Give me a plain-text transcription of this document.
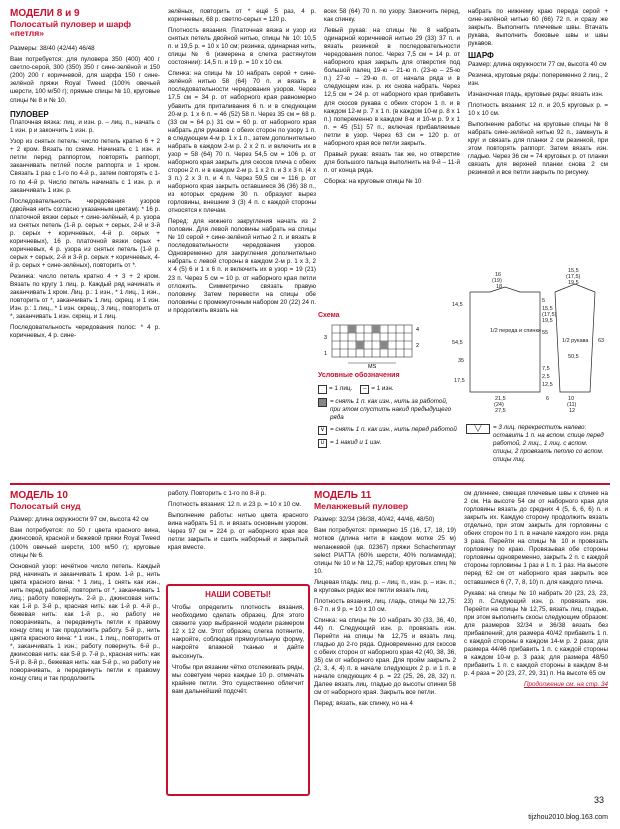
МОДЕЛИ 8 и 9
Полосатый пуловер и шарф «петля»

Размеры: 38/40 (42/44) 46/48

Вам потребуется: для пуловера 350 (400) 400 г светло-серой, 300 (350) 350 г сине-зелёной и 150 (200) 200 г коричневой, для шарфа 150 г сине-зелёной пряжи Royal Tweed (100% овечьей шерсти, 100 м/50 г); прямые спицы № 10, круговые спицы № 8 и № 10.

ПУЛОВЕР

Платочная вязка: лиц. и изн. р. – лиц. п., начать с 1 изн. р и закончить 1 изн. р.

Узор из снятых петель: число петель кратно 6 + 2 + 2 кром. Вязать по схеме. Начинать с 1 изн. и петли перед раппортом, повторять раппорт, заканчивать петлей после раппорта и 1 кром. Связать 1 раз с 1-го по 4-й р., затем повторять с 1-го по 4-й р. Число петель начинать с 1 изн. р. и заканчивать 1 изн. р.

Последовательность чередования узоров (двойная нить согласно указанным цветам): * 16 р. платочной вязки серых + сине-зелёный, 4 р. узора из снятых петель (1-й р. серых + серых, 2-й и 3-й р. серых + коричневых, 4-й р. серых + коричневых), 16 р. платочной вязки серых + коричневых, 4 р. узора из снятых петель (1-й р. серых + серых, 2-й и 3-й р. серых + коричневых, 4-й р. серых + сине-зелёных), повторить от *.

Резинка: число петель кратно 4 + 3 + 2 кром. Вязать по кругу 1 лиц. р. Каждый ряд начинать и заканчивать 1 кром. Лиц. р.: 1 изн., * 1 лиц., 1 изн., повторить от *, заканчивать 1 лиц. скрещ. и 1 изн. Изн. р.: 1 лиц., * 1 изн. скрещ., 3 лиц., повторить от *, заканчивать 1 изн. скрещ. и 1 лиц.

Последовательность чередования полос: * 4 р. коричневых, 4 р. сине-

зелёных, повторить от * ещё 5 раз, 4 р. коричневых, 68 р. светло-серых = 120 р.

Плотность вязания. Платочная вязка и узор из снятых петель двойной нитью, спицы № 10: 10,5 п. и 19,5 р. = 10 х 10 см; резинка, одинарная нить, спицы № 6 (измерена в слегка растянутом состоянии): 14,5 п. и 19 р. = 10 х 10 см.

Спинка: на спицы № 10 набрать серой + сине-зелёной нитью 58 (64) 70 п. и вязать в последовательности чередования узоров. Через 17,5 см = 34 р. от наборного края равномерно убавить для приталивания 6 п. и в следующем 20-м р. 1 х 6 п. = 46 (52) 58 п. Через 35 см = 68 р. (33 см = 64 р.) 31 см = 60 р. от наборного края набрать для рукавов с обеих сторон по узору 1 п. в следующем 4-м р. 1 х 1 п., затем дополнительно набрать в каждом 2-м р. 2 х 2 п. и включить их в узор = 58 (64) 70 п. Через 54,5 см = 106 р. от наборного края закрыть для скосов плеча с обеих сторон 2 п. и в каждом 2-м р. 1 х 2 п. и 3 х 3 п. (4 х 3 п.) 2 х 3 п. и 4 п. Через 59,5 см = 116 р. от наборного края закрыть оставшиеся 36 (36) 38 п., из которых средние 30 п. образуют вырез горловины, внешние 3 (3) 4 п. с каждой стороны относятся к плечам.

Перед: для нижнего закругления начать из 2 половин. Для левой половины набрать на спицы № 10 серой + сине-зелёной нитью 2 п. и вязать в последовательности чередования узоров. Одновременно для закругления дополнительно набрать с левой стороны в каждом 2-м р. 1 х 3, 2 х 4 (5) 6 и 1 х 6 п. и включить их в узор = 19 (21) 23 п. Через 5 см = 10 р. от наборного края петли отложить. Симметрично связать правую половину. Затем перевести на спицы обе половины с промежуточным набором 20 (22) 24 п. и продолжить вязать на

всех 58 (64) 70 п. по узору. Закончить перед, как спинку.

Левый рукав: на спицы № 8 набрать одинарной коричневой нитью 29 (33) 37 п. и вязать резинкой в последовательности чередования полос. Через 7,5 см = 14 р. от наборного края закрыть для отверстия под большой палец 19-ю – 21-ю п. (23-ю – 25-ю п.) 27-ю – 29-ю п. от начала ряда и в следующем изн. р. их снова набрать. Через 12,5 см = 24 р. от наборного края прибавить для скосов рукава с обеих сторон 1 п. и в каждом 12-м р. 7 х 1 п. (в каждом 10-м р. 8 х 1 п.) попеременно в каждом 8-м и 10-м р. 9 х 1 п. = 45 (51) 57 п., включая прибавляемые петли в узор. Через 63 см = 120 р. от наборного края все петли закрыть.

Правый рукав: вязать так же, но отверстие для большого пальца выполнить на 9-й – 11-й п. от конца ряда.

Сборка: на круговые спицы № 10

набрать по нижнему краю переда серой + сине-зелёной нитью 60 (66) 72 п. и сразу же закрыть. Выполнить плечевые швы. Втачать рукава, выполнить боковые швы и швы рукавов.

ШАРФ

Размер: длина окружности 77 см, высота 40 см

Резинка, круговые ряды: попеременно 2 лиц., 2 изн.

Изнаночная гладь, круговые ряды: вязать изн.

Плотность вязания: 12 п. и 20,5 круговых р. = 10 х 10 см.

Выполнение работы: на круговые спицы № 8 набрать сине-зелёной нитью 92 п., замкнуть в круг и связать для планки 2 см резинкой, при этом повторять раппорт. Затем вязать изн. гладью. Через 36 см = 74 круговых р. от планки связать для верхней планки снова 2 см резинкой и все петли закрыть по рисунку.

Схема
MS
4
3
2
1
Условные обозначения
= 1 лиц.	– = 1 изн.
= снять 1 п. как изн., нить за работой, при этом спустить накид предыдущего ряда
∨ = снять 1 п. как изн., нить перед работой
∪ = 1 накид и 1 изн.
1/2 переда и спинки
1/2 рукава
16
(19)
18
14,5
15,5
(17,5)
19,5
5
15,5
(17,5)
19,5
55
50,5
63
7,5
2,5
12,5
54,5
35
17,5
21,5
(24)
27,5
6	10
(11)
12
╲╱	= 3 лиц. перекрестить налево: оставить 1 п. на вспом. спице перед работой, 2 лиц., 1 лиц. с вспом. спицы, 2 провязать петлю со вспом. спицы лиц.
МОДЕЛЬ 10
Полосатый снуд

Размер: длина окружности 97 см, высота 42 см

Вам потребуется: по 50 г цвета красного вина, джинсовой, красной и бежевой пряжи Royal Tweed (100% овечьей шерсти, 100 м/50 г); круговые спицы № 6.

Основной узор: нечётное число петель. Каждый ряд начинать и заканчивать 1 кром. 1-й р., нить цвета красного вина: * 1 лиц., 1 снять как изн., нить перед работой, повторить от *, заканчивать 1 лиц.; работу повернуть. 2-й р., джинсовая нить: как 1-й р. 3-й р., красная нить: как 1-й р. 4-й р., бежевая нить: как 1-й р., но работу не поворачивать, а передвинуть петли к правому концу спиц и так продолжить работу. 5-й р., нить цвета красного вина: * 1 изн., 1 лиц., повторить от *, заканчивать 1 изн.; работу повернуть. 6-й р., джинсовая нить: как 5-й р. 7-й р., красная нить: как 5-й р. 8-й р., бежевая нить: как 5-й р., но работу не поворачивать, а передвинуть петли к правому концу спиц и так продолжить

работу. Повторить с 1-го по 8-й р.

Плотность вязания: 12 п. и 23 р. = 10 х 10 см.

Выполнение работы: нитью цвета красного вина набрать 51 п. и вязать основным узором. Через 97 см = 224 р. от наборного края все петли закрыть и сшить наборный и закрытый края вместе.

НАШИ СОВЕТЫ!

Чтобы определить плотность вязания, необходимо сделать образец. Для этого свяжите узор выбранной модели размером 12 х 12 см. Этот образец слегка потяните, накройте, соблюдая прямоугольную форму, накройте влажной тканью и дайте высохнуть.

Чтобы при вязании чётко отслеживать ряды, мы советуем через каждые 10 р. отмечать крайние петли. Это существенно облегчит вам дальнейший подсчёт.

МОДЕЛЬ 11
Меланжевый пуловер

Размер: 32/34 (36/38, 40/42, 44/46, 48/50)

Вам потребуется: примерно 15 (16, 17, 18, 19) мотков (длина нити в каждом мотке 25 м) меланжевой (цв. 02367) пряжи Schachenmayr select PIATTA (60% шерсти, 40% полиамида); спицы № 10 и № 12,75; набор круговых спиц № 10.

Лицевая гладь: лиц. р. – лиц. п., изн. р. – изн. п.; в круговых рядах все петли вязать лиц.

Плотность вязания, лиц. гладь, спицы № 12,75: 6-7 п. и 9 р. = 10 х 10 см.

Спинка: на спицы № 10 набрать 30 (33, 36, 40, 44) п. Следующий изн. р. провязать изн. Перейти на спицы № 12,75 и вязать лиц. гладью до 2-го ряда. Одновременно для скосов с обеих сторон от наборного края 42 (40, 38, 36, 35) см от наборного края. Для пройм закрыть 2 (2, 3, 4, 4) п. в начале следующих 2 р. и 1 п. в начале следующих 4 р. = 22 (25, 26, 28, 32) п. Далее вязать лиц. гладью до высоты спинки 58 см от наборного края. Закрыть все петли.

Перед: вязать, как спинку, но на 4

см длиннее, смещая плечевые швы к спинке на 2 см. На высоте 54 см от наборного края для горловины вязать до средних 4 (5, 6, 6, 6) п. и закрыть их. Каждую сторону продолжить вязать отдельно, при этом закрыть для горловины с обеих сторон по 1 п. в начале каждого изн. ряда 3 раза. Перейти на спицы № 10 и провязать горловину по краю. Провязывая обе стороны горловины одновременно, закрыть 2 п. с каждой стороны горловины 1 раз и 1 п. 1 раз. На высоте перед 62 см от наборного края закрыть все оставшиеся 6 (7, 7, 8, 10) п. для каждого плеча.

Рукава: на спицы № 10 набрать 20 (23, 23, 23, 23) п. Следующий изн. р. провязать изн. Перейти на спицы № 12,75, вязать лиц. гладью, при этом выполнить скосы следующим образом: для размеров 32/34 и 36/38 вязать без прибавлений; для размера 40/42 прибавить 1 п. с каждой стороны в каждом 14-м р. 2 раза; для размера 44/46 прибавить 1 п. с каждой стороны в каждом 10-м р. 3 раза; для размера 48/50 прибавить 1 п. с каждой стороны в каждом 8-м р. 4 раза = 20 (23, 27, 29, 31) п. На высоте 65 см

Продолжение см. на стр. 34

33
tijzhou2010.blog.163.com
